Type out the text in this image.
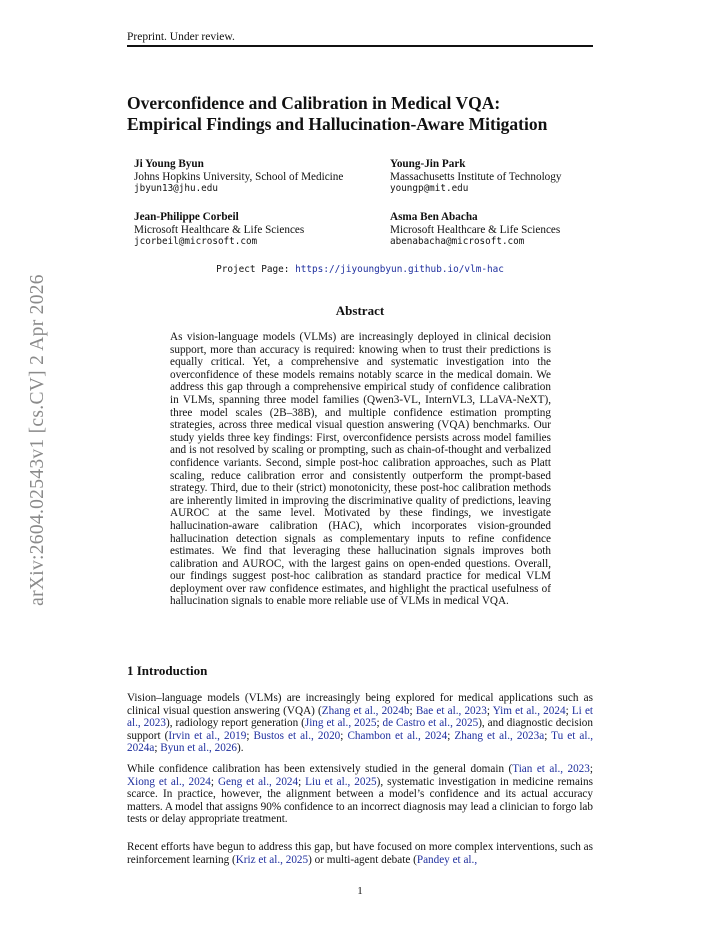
Preprint. Under review.
arXiv:2604.02543v1 [cs.CV] 2 Apr 2026
Overconfidence and Calibration in Medical VQA:
Empirical Findings and Hallucination-Aware Mitigation
Ji Young Byun
Johns Hopkins University, School of Medicine
jbyun13@jhu.edu
Young-Jin Park
Massachusetts Institute of Technology
youngp@mit.edu
Jean-Philippe Corbeil
Microsoft Healthcare & Life Sciences
jcorbeil@microsoft.com
Asma Ben Abacha
Microsoft Healthcare & Life Sciences
abenabacha@microsoft.com
Project Page: https://jiyoungbyun.github.io/vlm-hac
Abstract
As vision-language models (VLMs) are increasingly deployed in clinical decision support, more than accuracy is required: knowing when to trust their predictions is equally critical. Yet, a comprehensive and systematic investigation into the overconfidence of these models remains notably scarce in the medical domain. We address this gap through a comprehensive empirical study of confidence calibration in VLMs, spanning three model families (Qwen3-VL, InternVL3, LLaVA-NeXT), three model scales (2B–38B), and multiple confidence estimation prompting strategies, across three medical visual question answering (VQA) benchmarks. Our study yields three key findings: First, overconfidence persists across model families and is not resolved by scaling or prompting, such as chain-of-thought and verbalized confidence variants. Second, simple post-hoc calibration approaches, such as Platt scaling, reduce calibration error and consistently outperform the prompt-based strategy. Third, due to their (strict) monotonicity, these post-hoc calibration methods are inherently limited in improving the discriminative quality of predictions, leaving AUROC at the same level. Motivated by these findings, we investigate hallucination-aware calibration (HAC), which incorporates vision-grounded hallucination detection signals as complementary inputs to refine confidence estimates. We find that leveraging these hallucination signals improves both calibration and AUROC, with the largest gains on open-ended questions. Overall, our findings suggest post-hoc calibration as standard practice for medical VLM deployment over raw confidence estimates, and highlight the practical usefulness of hallucination signals to enable more reliable use of VLMs in medical VQA.
1 Introduction
Vision–language models (VLMs) are increasingly being explored for medical applications such as clinical visual question answering (VQA) (Zhang et al., 2024b; Bae et al., 2023; Yim et al., 2024; Li et al., 2023), radiology report generation (Jing et al., 2025; de Castro et al., 2025), and diagnostic decision support (Irvin et al., 2019; Bustos et al., 2020; Chambon et al., 2024; Zhang et al., 2023a; Tu et al., 2024a; Byun et al., 2026).
While confidence calibration has been extensively studied in the general domain (Tian et al., 2023; Xiong et al., 2024; Geng et al., 2024; Liu et al., 2025), systematic investigation in medicine remains scarce. In practice, however, the alignment between a model’s confidence and its actual accuracy matters. A model that assigns 90% confidence to an incorrect diagnosis may lead a clinician to forgo lab tests or delay appropriate treatment.
Recent efforts have begun to address this gap, but have focused on more complex interventions, such as reinforcement learning (Kriz et al., 2025) or multi-agent debate (Pandey et al.,
1
